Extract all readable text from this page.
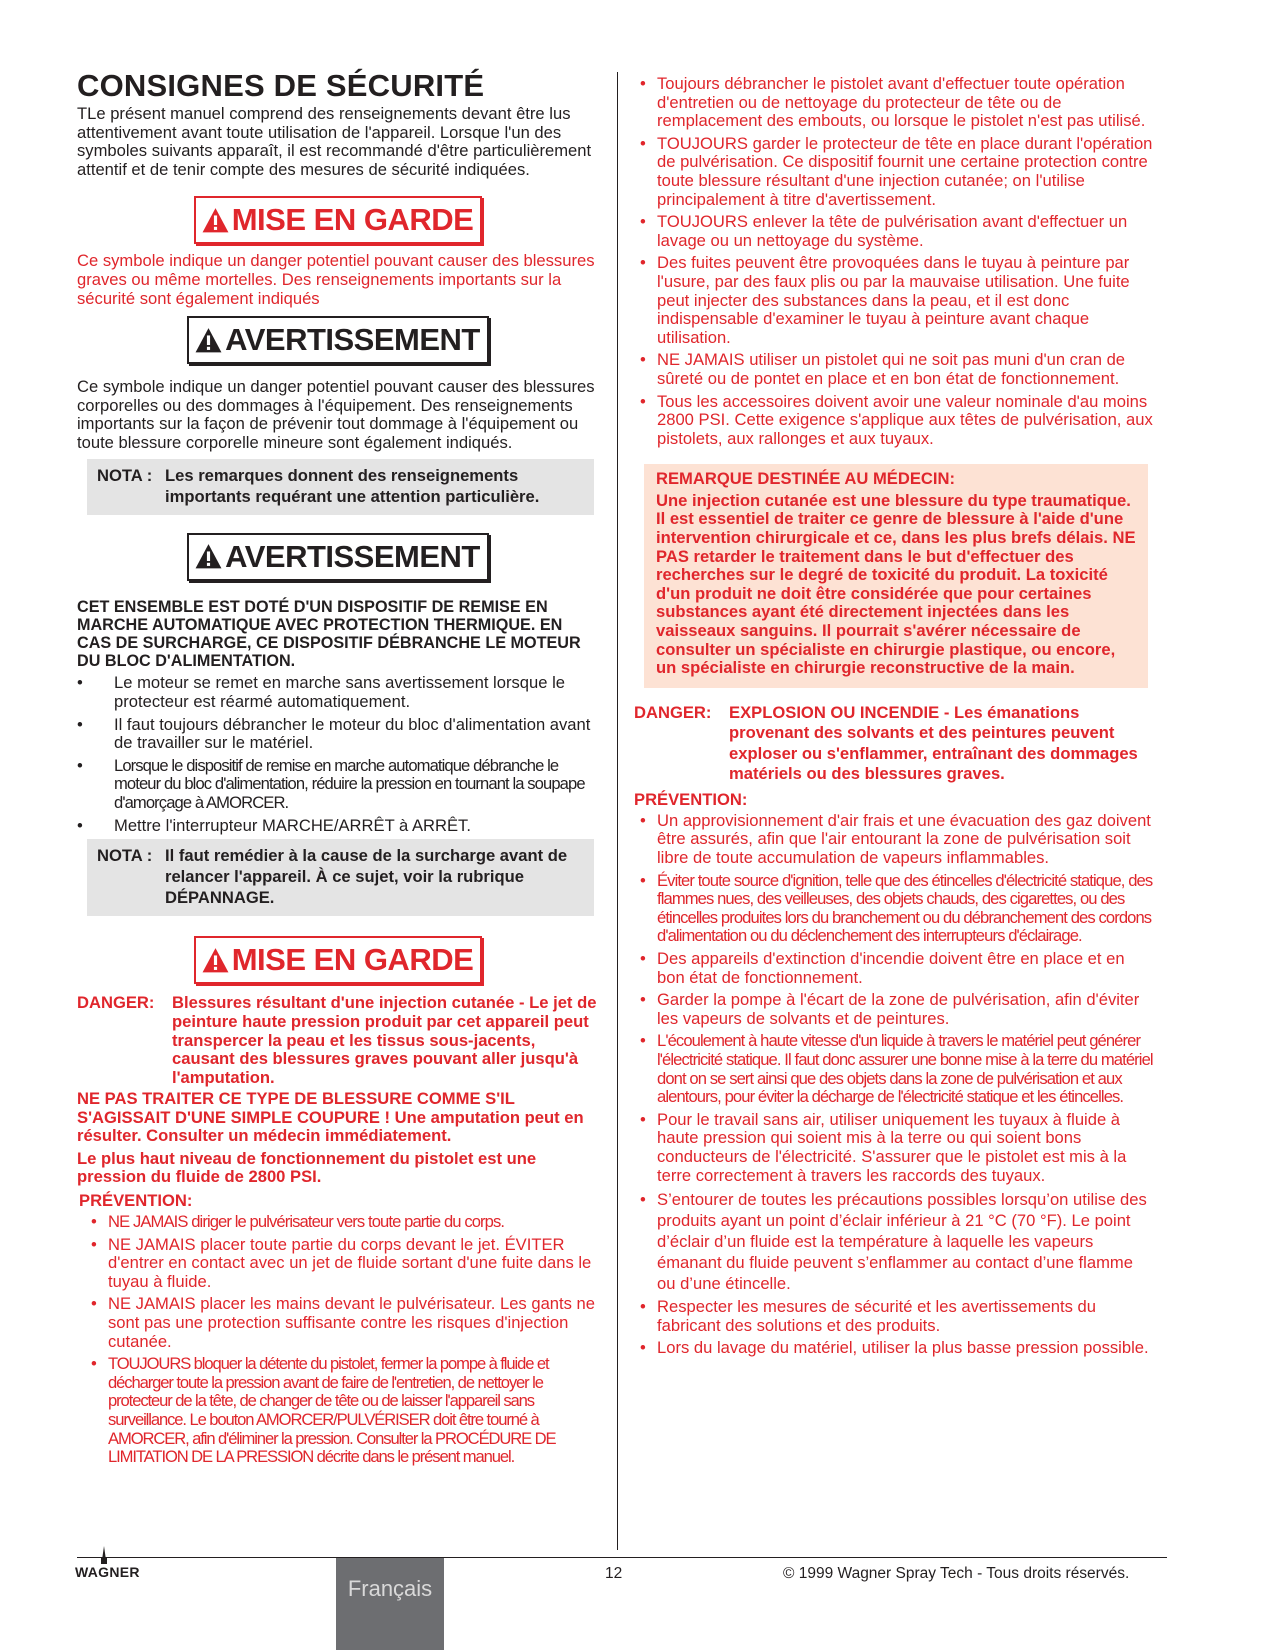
CONSIGNES DE SÉCURITÉ

TLe présent manuel comprend des renseignements devant être lus attentivement avant toute utilisation de l'appareil. Lorsque l'un des symboles suivants apparaît, il est recommandé d'être particulièrement attentif et de tenir compte des mesures de sécurité indiquées.

MISE EN GARDE

Ce symbole indique un danger potentiel pouvant causer des blessures graves ou même mortelles. Des renseignements importants sur la sécurité sont également indiqués

AVERTISSEMENT

Ce symbole indique un danger potentiel pouvant causer des blessures corporelles ou des dommages à l'équipement. Des renseignements importants sur la façon de prévenir tout dommage à l'équipement ou toute blessure corporelle mineure sont également indiqués.

NOTA : Les remarques donnent des renseignements importants requérant une attention particulière.
AVERTISSEMENT

CET ENSEMBLE EST DOTÉ D'UN DISPOSITIF DE REMISE EN MARCHE AUTOMATIQUE AVEC PROTECTION THERMIQUE. EN CAS DE SURCHARGE, CE DISPOSITIF DÉBRANCHE LE MOTEUR DU BLOC D'ALIMENTATION.

• Le moteur se remet en marche sans avertissement lorsque le protecteur est réarmé automatiquement.
• Il faut toujours débrancher le moteur du bloc d'alimentation avant de travailler sur le matériel.
• Lorsque le dispositif de remise en marche automatique débranche le moteur du bloc d'alimentation, réduire la pression en tournant la soupape d'amorçage à AMORCER.
• Mettre l'interrupteur MARCHE/ARRÊT à ARRÊT.
NOTA : Il faut remédier à la cause de la surcharge avant de relancer l'appareil. À ce sujet, voir la rubrique DÉPANNAGE.
MISE EN GARDE
DANGER:	Blessures résultant d'une injection cutanée - Le jet de peinture haute pression produit par cet appareil peut transpercer la peau et les tissus sous-jacents, causant des blessures graves pouvant aller jusqu'à l'amputation.

NE PAS TRAITER CE TYPE DE BLESSURE COMME S'IL S'AGISSAIT D'UNE SIMPLE COUPURE ! Une amputation peut en résulter. Consulter un médecin immédiatement.

Le plus haut niveau de fonctionnement du pistolet est une pression du fluide de 2800 PSI.

PRÉVENTION:
• NE JAMAIS diriger le pulvérisateur vers toute partie du corps.
• NE JAMAIS placer toute partie du corps devant le jet. ÉVITER d'entrer en contact avec un jet de fluide sortant d'une fuite dans le tuyau à fluide.
• NE JAMAIS placer les mains devant le pulvérisateur. Les gants ne sont pas une protection suffisante contre les risques d'injection cutanée.
• TOUJOURS bloquer la détente du pistolet, fermer la pompe à fluide et décharger toute la pression avant de faire de l'entretien, de nettoyer le protecteur de la tête, de changer de tête ou de laisser l'appareil sans surveillance. Le bouton AMORCER/PULVÉRISER doit être tourné à AMORCER, afin d'éliminer la pression. Consulter la PROCÉDURE DE LIMITATION DE LA PRESSION décrite dans le présent manuel.
• Toujours débrancher le pistolet avant d'effectuer toute opération d'entretien ou de nettoyage du protecteur de tête ou de remplacement des embouts, ou lorsque le pistolet n'est pas utilisé.
• TOUJOURS garder le protecteur de tête en place durant l'opération de pulvérisation. Ce dispositif fournit une certaine protection contre toute blessure résultant d'une injection cutanée; on l'utilise principalement à titre d'avertissement.
• TOUJOURS enlever la tête de pulvérisation avant d'effectuer un lavage ou un nettoyage du système.
• Des fuites peuvent être provoquées dans le tuyau à peinture par l'usure, par des faux plis ou par la mauvaise utilisation. Une fuite peut injecter des substances dans la peau, et il est donc indispensable d'examiner le tuyau à peinture avant chaque utilisation.
• NE JAMAIS utiliser un pistolet qui ne soit pas muni d'un cran de sûreté ou de pontet en place et en bon état de fonctionnement.
• Tous les accessoires doivent avoir une valeur nominale d'au moins 2800 PSI. Cette exigence s'applique aux têtes de pulvérisation, aux pistolets, aux rallonges et aux tuyaux.

REMARQUE DESTINÉE AU MÉDECIN:

Une injection cutanée est une blessure du type traumatique. Il est essentiel de traiter ce genre de blessure à l'aide d'une intervention chirurgicale et ce, dans les plus brefs délais. NE PAS retarder le traitement dans le but d'effectuer des recherches sur le degré de toxicité du produit. La toxicité d'un produit ne doit être considérée que pour certaines substances ayant été directement injectées dans les vaisseaux sanguins. Il pourrait s'avérer nécessaire de consulter un spécialiste en chirurgie plastique, ou encore, un spécialiste en chirurgie reconstructive de la main.

DANGER:	EXPLOSION OU INCENDIE - Les émanations provenant des solvants et des peintures peuvent exploser ou s'enflammer, entraînant des dommages matériels ou des blessures graves.
PRÉVENTION:
• Un approvisionnement d'air frais et une évacuation des gaz doivent être assurés, afin que l'air entourant la zone de pulvérisation soit libre de toute accumulation de vapeurs inflammables.
• Éviter toute source d'ignition, telle que des étincelles d'électricité statique, des flammes nues, des veilleuses, des objets chauds, des cigarettes, ou des étincelles produites lors du branchement ou du débranchement des cordons d'alimentation ou du déclenchement des interrupteurs d'éclairage.
• Des appareils d'extinction d'incendie doivent être en place et en bon état de fonctionnement.
• Garder la pompe à l'écart de la zone de pulvérisation, afin d'éviter les vapeurs de solvants et de peintures.
• L'écoulement à haute vitesse d'un liquide à travers le matériel peut générer l'électricité statique. Il faut donc assurer une bonne mise à la terre du matériel dont on se sert ainsi que des objets dans la zone de pulvérisation et aux alentours, pour éviter la décharge de l'électricité statique et les étincelles.
• Pour le travail sans air, utiliser uniquement les tuyaux à fluide à haute pression qui soient mis à la terre ou qui soient bons conducteurs de l'électricité. S'assurer que le pistolet est mis à la terre correctement à travers les raccords des tuyaux.
• S’entourer de toutes les précautions possibles lorsqu’on utilise des produits ayant un point d’éclair inférieur à 21 °C (70 °F). Le point d’éclair d’un fluide est la température à laquelle les vapeurs émanant du fluide peuvent s’enflammer au contact d’une flamme ou d’une étincelle.
• Respecter les mesures de sécurité et les avertissements du fabricant des solutions et des produits.
• Lors du lavage du matériel, utiliser la plus basse pression possible.
WAGNER
Français
12	© 1999 Wagner Spray Tech - Tous droits réservés.
